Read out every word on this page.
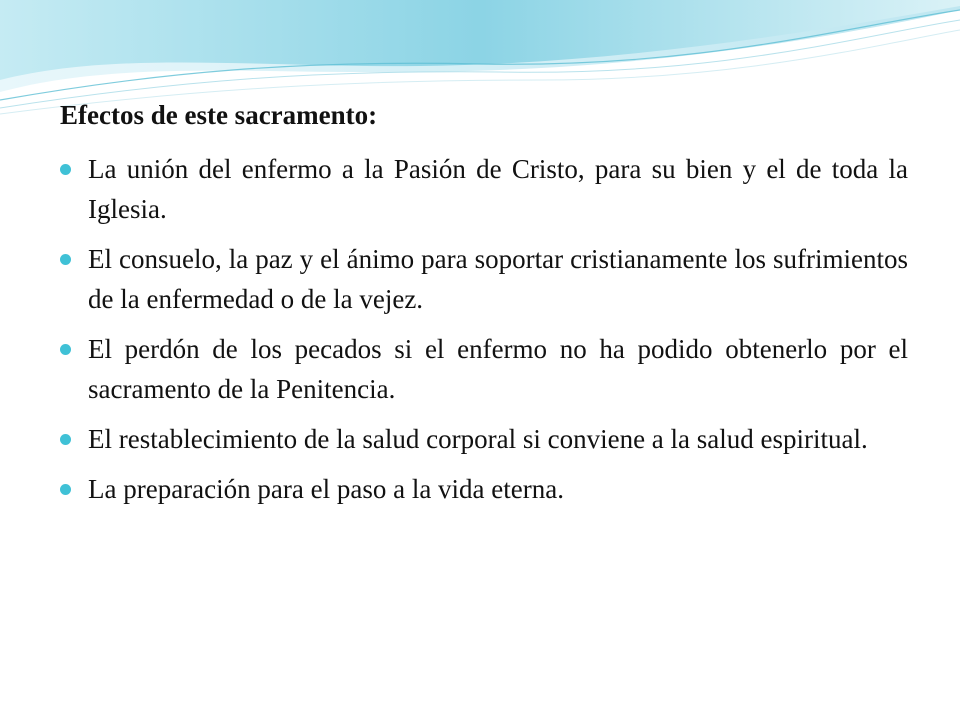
Efectos de este sacramento:
La unión del enfermo a la Pasión de Cristo, para su bien y el de toda la Iglesia.
El consuelo, la paz y el ánimo para soportar cristianamente los sufrimientos de la enfermedad o de la vejez.
El perdón de los pecados si el enfermo no ha podido obtenerlo por el sacramento de la Penitencia.
El restablecimiento de la salud corporal si conviene a la salud espiritual.
La preparación para el paso a la vida eterna.
